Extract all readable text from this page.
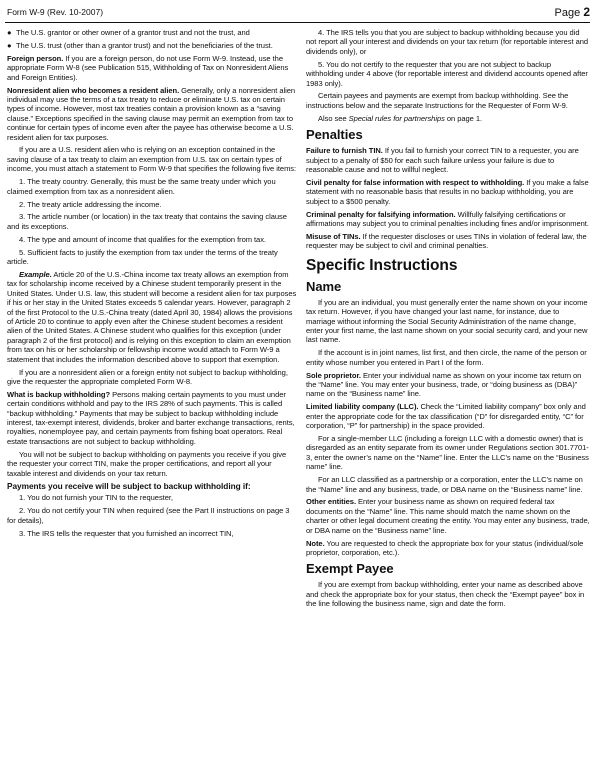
Form W-9 (Rev. 10-2007)	Page 2

● The U.S. grantor or other owner of a grantor trust and not the trust, and

● The U.S. trust (other than a grantor trust) and not the beneficiaries of the trust.

Foreign person. If you are a foreign person, do not use Form W-9. Instead, use the appropriate Form W-8 (see Publication 515, Withholding of Tax on Nonresident Aliens and Foreign Entities).

Nonresident alien who becomes a resident alien. Generally, only a nonresident alien individual may use the terms of a tax treaty to reduce or eliminate U.S. tax on certain types of income. However, most tax treaties contain a provision known as a “saving clause.” Exceptions specified in the saving clause may permit an exemption from tax to continue for certain types of income even after the payee has otherwise become a U.S. resident alien for tax purposes.

If you are a U.S. resident alien who is relying on an exception contained in the saving clause of a tax treaty to claim an exemption from U.S. tax on certain types of income, you must attach a statement to Form W-9 that specifies the following five items:

1. The treaty country. Generally, this must be the same treaty under which you claimed exemption from tax as a nonresident alien.

2. The treaty article addressing the income.

3. The article number (or location) in the tax treaty that contains the saving clause and its exceptions.

4. The type and amount of income that qualifies for the exemption from tax.

5. Sufficient facts to justify the exemption from tax under the terms of the treaty article.

Example. Article 20 of the U.S.-China income tax treaty allows an exemption from tax for scholarship income received by a Chinese student temporarily present in the United States. Under U.S. law, this student will become a resident alien for tax purposes if his or her stay in the United States exceeds 5 calendar years. However, paragraph 2 of the first Protocol to the U.S.-China treaty (dated April 30, 1984) allows the provisions of Article 20 to continue to apply even after the Chinese student becomes a resident alien of the United States. A Chinese student who qualifies for this exception (under paragraph 2 of the first protocol) and is relying on this exception to claim an exemption from tax on his or her scholarship or fellowship income would attach to Form W-9 a statement that includes the information described above to support that exemption.

If you are a nonresident alien or a foreign entity not subject to backup withholding, give the requester the appropriate completed Form W-8.

What is backup withholding? Persons making certain payments to you must under certain conditions withhold and pay to the IRS 28% of such payments. This is called “backup withholding.” Payments that may be subject to backup withholding include interest, tax-exempt interest, dividends, broker and barter exchange transactions, rents, royalties, nonemployee pay, and certain payments from fishing boat operators. Real estate transactions are not subject to backup withholding.

You will not be subject to backup withholding on payments you receive if you give the requester your correct TIN, make the proper certifications, and report all your taxable interest and dividends on your tax return.

Payments you receive will be subject to backup withholding if:

1. You do not furnish your TIN to the requester,

2. You do not certify your TIN when required (see the Part II instructions on page 3 for details),

3. The IRS tells the requester that you furnished an incorrect TIN,

4. The IRS tells you that you are subject to backup withholding because you did not report all your interest and dividends on your tax return (for reportable interest and dividends only), or

5. You do not certify to the requester that you are not subject to backup withholding under 4 above (for reportable interest and dividend accounts opened after 1983 only).

Certain payees and payments are exempt from backup withholding. See the instructions below and the separate Instructions for the Requester of Form W-9.

Also see Special rules for partnerships on page 1.

Penalties

Failure to furnish TIN. If you fail to furnish your correct TIN to a requester, you are subject to a penalty of $50 for each such failure unless your failure is due to reasonable cause and not to willful neglect.

Civil penalty for false information with respect to withholding. If you make a false statement with no reasonable basis that results in no backup withholding, you are subject to a $500 penalty.

Criminal penalty for falsifying information. Willfully falsifying certifications or affirmations may subject you to criminal penalties including fines and/or imprisonment.

Misuse of TINs. If the requester discloses or uses TINs in violation of federal law, the requester may be subject to civil and criminal penalties.

Specific Instructions
Name

If you are an individual, you must generally enter the name shown on your income tax return. However, if you have changed your last name, for instance, due to marriage without informing the Social Security Administration of the name change, enter your first name, the last name shown on your social security card, and your new last name.

If the account is in joint names, list first, and then circle, the name of the person or entity whose number you entered in Part I of the form.

Sole proprietor. Enter your individual name as shown on your income tax return on the “Name” line. You may enter your business, trade, or “doing business as (DBA)” name on the “Business name” line.

Limited liability company (LLC). Check the “Limited liability company” box only and enter the appropriate code for the tax classification (“D” for disregarded entity, “C” for corporation, “P” for partnership) in the space provided.

For a single-member LLC (including a foreign LLC with a domestic owner) that is disregarded as an entity separate from its owner under Regulations section 301.7701-3, enter the owner’s name on the “Name” line. Enter the LLC’s name on the “Business name” line.

For an LLC classified as a partnership or a corporation, enter the LLC’s name on the “Name” line and any business, trade, or DBA name on the “Business name” line.

Other entities. Enter your business name as shown on required federal tax documents on the “Name” line. This name should match the name shown on the charter or other legal document creating the entity. You may enter any business, trade, or DBA name on the “Business name” line.

Note. You are requested to check the appropriate box for your status (individual/sole proprietor, corporation, etc.).

Exempt Payee

If you are exempt from backup withholding, enter your name as described above and check the appropriate box for your status, then check the “Exempt payee” box in the line following the business name, sign and date the form.
